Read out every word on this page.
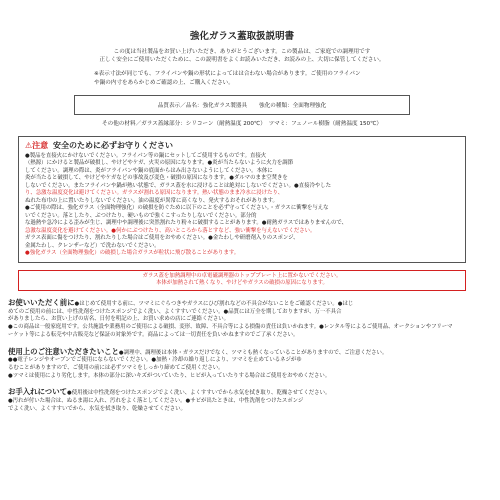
強化ガラス蓋取扱説明書

この度は当社製品をお買い上げいただき、ありがとうございます。この製品は、ご家庭での調理用です

正しく安全にご使用いただくために、この説明書をよくお読みいただき、お読みの上、大切に保管してください。

※表示寸法が同じでも、フライパンや鍋の形状によってはは合わない場合があります。ご使用のフライパン

や鍋の内寸をあらかじめご確認の上、ご購入ください。

品質表示／品名：強化ガラス製器具 強化の種類：全面物理強化
その他の材料／ガラス蓋縁部分：シリコーン（耐熱温度 200℃）　ツマミ：フェノール樹脂（耐熱温度 150℃）
⚠注意 安全のために必ずお守りください

●製品を直接火にかけないでください。フライパン等の鍋にセットしてご使用するものです。直接火

（熱源）にかけると製品が破損し、やけどやケガ、火災の原因になります。●炎が当たらないように火力を調節

してください。調理の際は、炎がフライパンや鍋の底面からはみ出さないようにしてください。本体に

炎が当たると破損して、やけどやケガなどの事故及び変色・破損の原因になります。●ダルマのまま空焚きを

しないでください。またフライパンや鍋が熱い状態で、ガラス蓋を水に浸けることは絶対にしないでください。●直接冷やした

り、急激な温度変化は避けてください。ガラスが割れる原因になります。熱い状態のまま冷水に浸けたり、

ぬれた布巾の上に置いたりしないでください。油の温度が異常に高くなり、発火するおそれがあります。

●ご使用の際は、強化ガラス（全面物理強化）の破損を防ぐために以下のことを必ず守ってください。・ガラスに衝撃を与えな

いでください。落としたり、ぶつけたり、硬いもので強くこすったりしないでください。部分的

な過熱や急冷による歪みが生じ、調理中や調理後に突然割れたり粉々に破損することがあります。●耐熱ガラスではありませんので、

急激な温度変化を避けてください。●何かにぶつけたり、高いところから落とすなど、強い衝撃を与えないでください。

ガラス表面に傷をつけたり、割れたりした場合はご使用をおやめください。●金たわしや研磨剤入りのスポンジ、

金属たわし、クレンザーなど）で洗わないでください。

●強化ガラス（全面物理強化）の破損した場合ガラスが粒状に飛び散ることがあります。

ガラス蓋を加熱調理中の卓電磁調理器のトッププレート上に置かないでください。

本体が加熱されて熱くなり、やけどやガラスの破損の原因になります。

お使いいただく前に●はじめて使用する前に、ツマミにぐらつきやガラスにひび割れなどの不具合がないことをご確認ください。●はじ
めてのご使用の前には、中性洗剤をつけたスポンジでよく洗い、よくすすいでください。●品質には万全を期しておりますが、万一不具合
がありましたら、お買い上げの店名、日付を明記の上、お買い求めの店にご連絡ください。
●この商品は一般家庭用です。公共施設や業務用のご使用による破損、変形、故障、不具合等による損傷の責任は負いかねます。●レンタル等によるご使用品、オークションやフリーマ
ーケット等による転売や中古販売など保証の対象外です。商品によっては一切責任を負いかねますのでご了承ください。
使用上のご注意いただきたいこと●調理中、調理後は本体・ガラスだけでなく、ツマミも熱くなっていることがありますので、ご注意ください。
●●電子レンジやオーブンでご使用にならないでください。●加熱・冷却の繰り返しにより、ツマミを止めているネジがゆ
るむことがありますので、ご使用の前には必ずツマミをしっかり締めてご使用ください。
●ツマミは使用により劣化します。本体の部分に深いキズがついていたり、ヒビが入っていたりする場合はご使用をおやめください。
お手入れについて●使用後は中性洗剤をつけたスポンジでよく洗い、よくすすいでから水気を拭き取り、乾燥させてください。
●汚れが付いた場合は、ぬるま湯に入れ、汚れをよく落としてください。●サビが出たときは、中性洗剤をつけたスポンジ
でよく洗い、よくすすいでから、水気を拭き取り、乾燥させてください。
